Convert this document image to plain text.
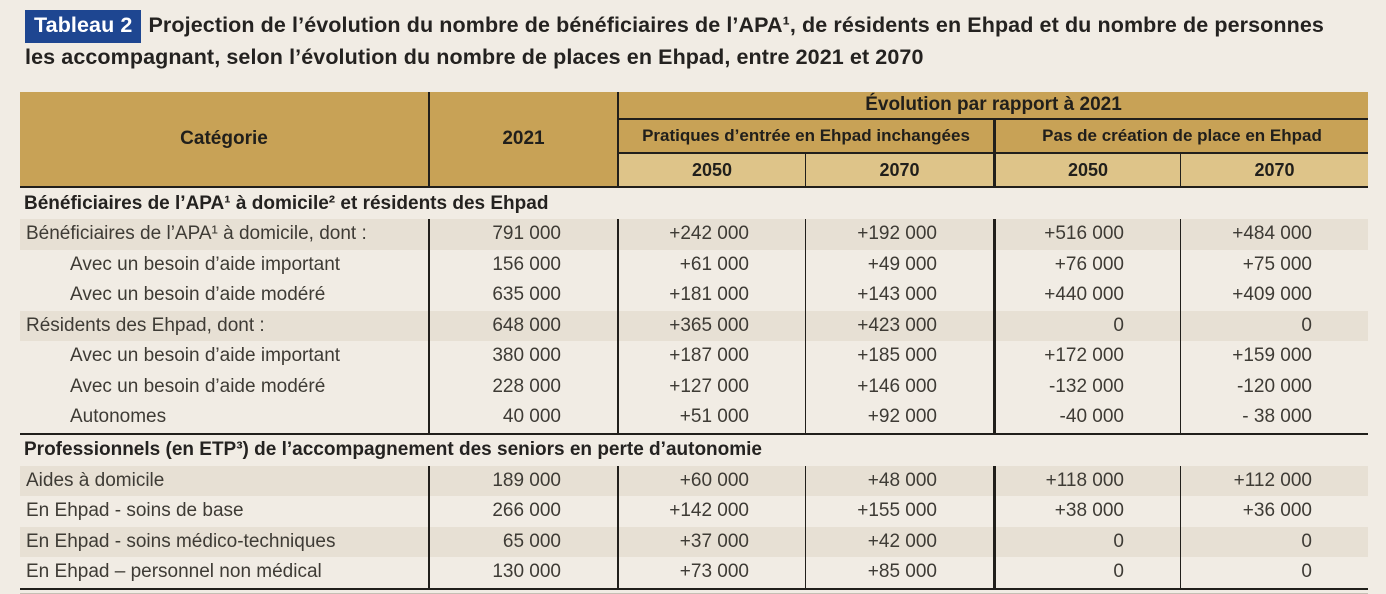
Tableau 2 Projection de l’évolution du nombre de bénéficiaires de l’APA¹, de résidents en Ehpad et du nombre de personnes les accompagnant, selon l’évolution du nombre de places en Ehpad, entre 2021 et 2070
Catégorie	2021
Évolution par rapport à 2021
Pratiques d’entrée en Ehpad inchangées	Pas de création de place en Ehpad
2050	2070	2050	2070
Bénéficiaires de l’APA¹ à domicile² et résidents des Ehpad
Bénéficiaires de l’APA¹ à domicile, dont :	791 000	+242 000	+192 000	+516 000	+484 000
Avec un besoin d’aide important	156 000	+61 000	+49 000	+76 000	+75 000
Avec un besoin d’aide modéré	635 000	+181 000	+143 000	+440 000	+409 000
Résidents des Ehpad, dont :	648 000	+365 000	+423 000	0	0
Avec un besoin d’aide important	380 000	+187 000	+185 000	+172 000	+159 000
Avec un besoin d’aide modéré	228 000	+127 000	+146 000	-132 000	-120 000
Autonomes	40 000	+51 000	+92 000	-40 000	- 38 000
Professionnels (en ETP³) de l’accompagnement des seniors en perte d’autonomie
Aides à domicile	189 000	+60 000	+48 000	+118 000	+112 000
En Ehpad - soins de base	266 000	+142 000	+155 000	+38 000	+36 000
En Ehpad - soins médico-techniques	65 000	+37 000	+42 000	0	0
En Ehpad – personnel non médical	130 000	+73 000	+85 000	0	0
